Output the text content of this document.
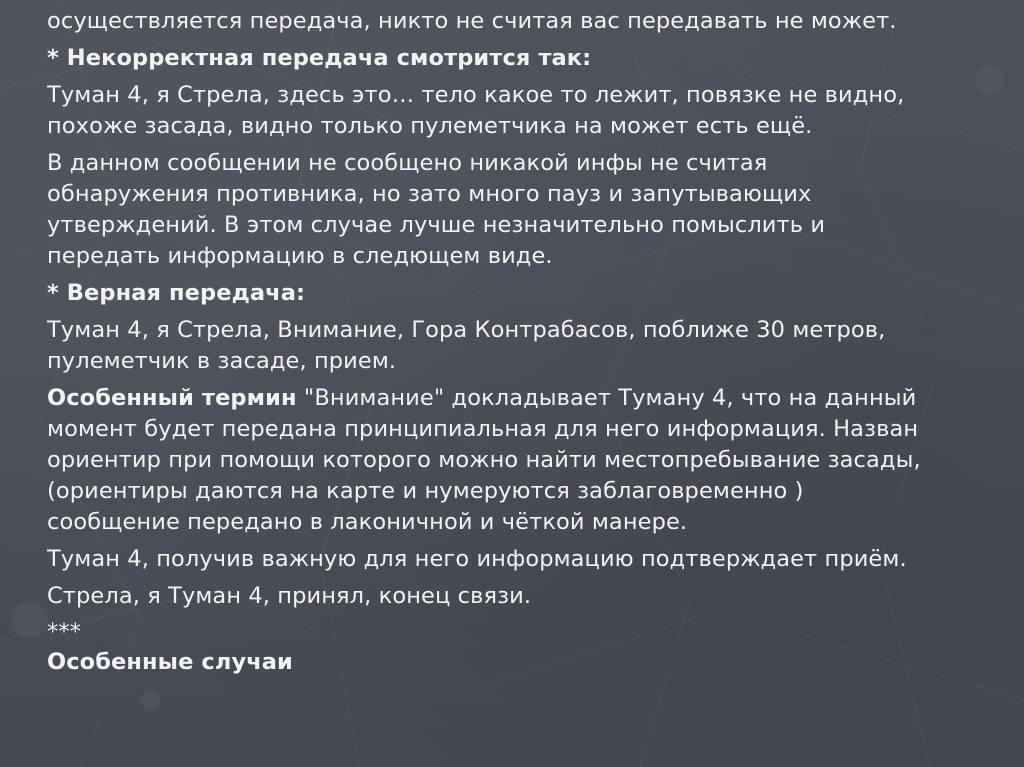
осуществляется передача, никто не считая вас передавать не может.

* Некорректная передача смотрится так:

Туман 4, я Стрела, здесь это… тело какое то лежит, повязке не видно,
похоже засада, видно только пулеметчика на может есть ещё.

В данном сообщении не сообщено никакой инфы не считая
обнаружения противника, но зато много пауз и запутывающих
утверждений. В этом случае лучше незначительно помыслить и
передать информацию в следющем виде.

* Верная передача:

Туман 4, я Стрела, Внимание, Гора Контрабасов, поближе 30 метров,
пулеметчик в засаде, прием.

Особенный термин "Внимание" докладывает Туману 4, что на данный
момент будет передана принципиальная для него информация. Назван
ориентир при помощи которого можно найти местопребывание засады,
(ориентиры даются на карте и нумеруются заблаговременно )
сообщение передано в лаконичной и чёткой манере.

Туман 4, получив важную для него информацию подтверждает приём.

Стрела, я Туман 4, принял, конец связи.

***

Особенные случаи
